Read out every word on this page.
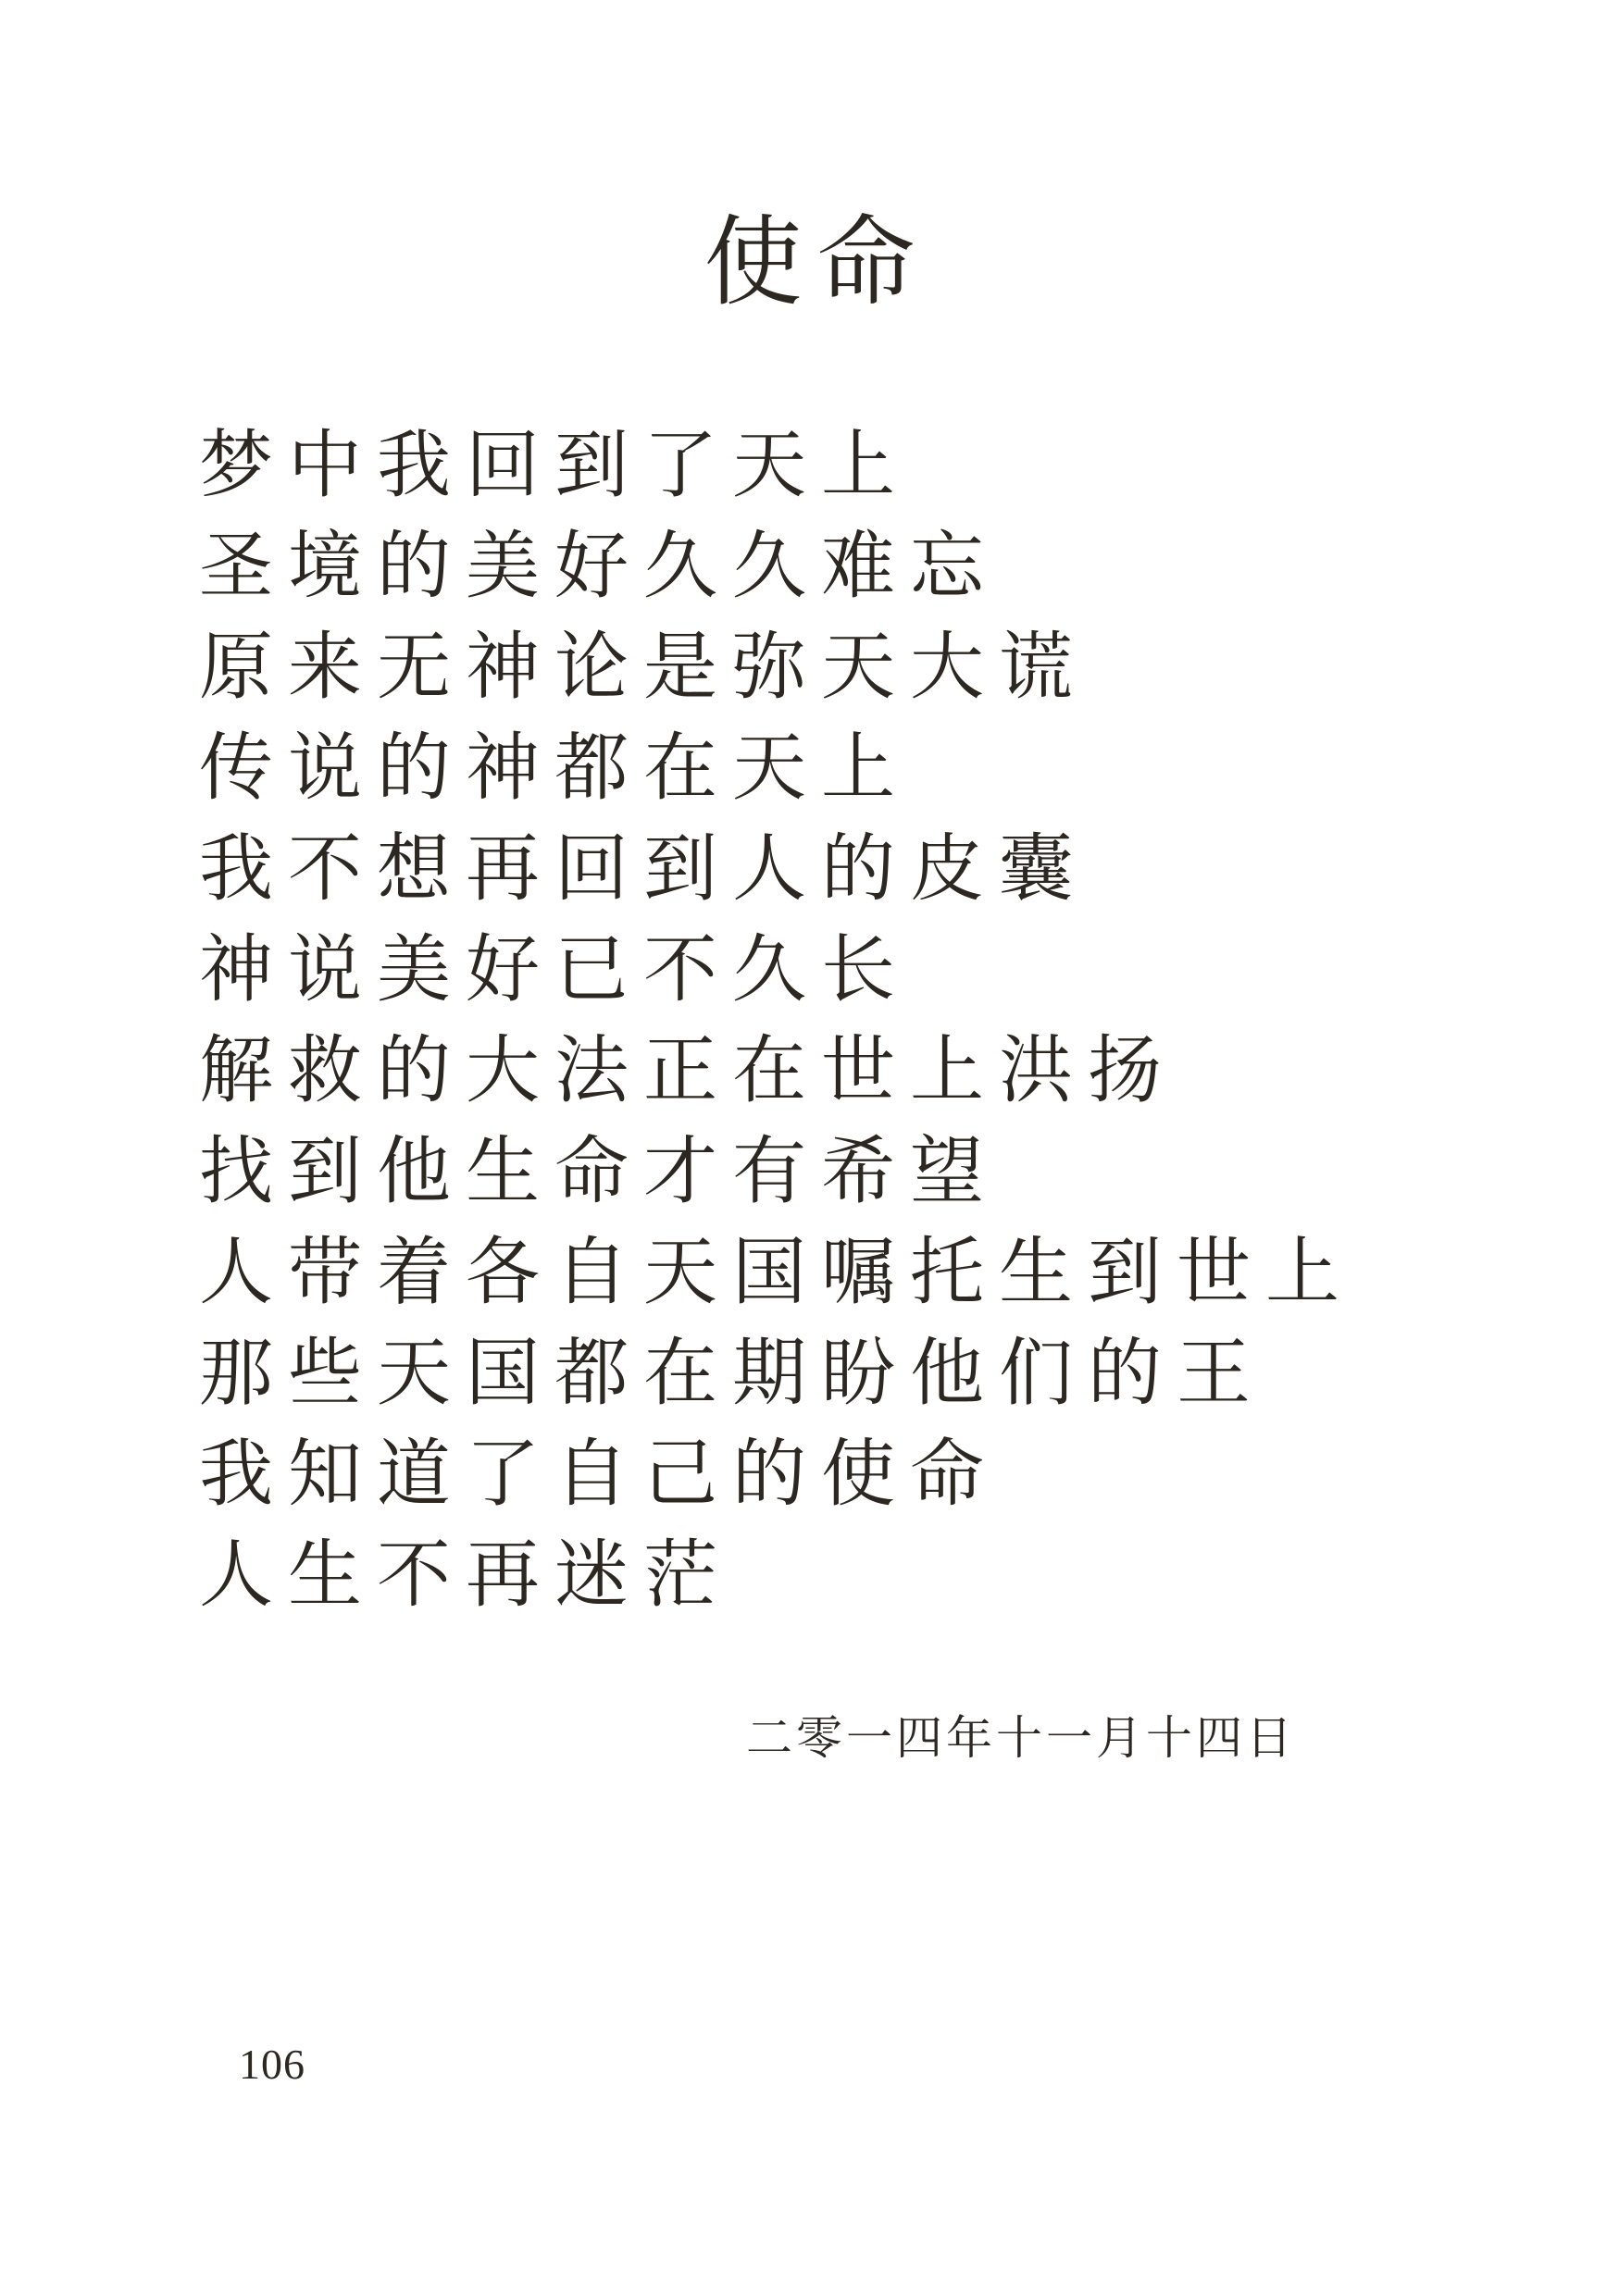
使命

梦中我回到了天上

圣境的美好久久难忘

原来无神论是弥天大谎

传说的神都在天上

我不想再回到人的皮囊

神说美好已不久长

解救的大法正在世上洪扬

找到他生命才有希望

人带着各自天国嘱托生到世上

那些天国都在期盼他们的王

我知道了自己的使命

人生不再迷茫

二零一四年十一月十四日
106
